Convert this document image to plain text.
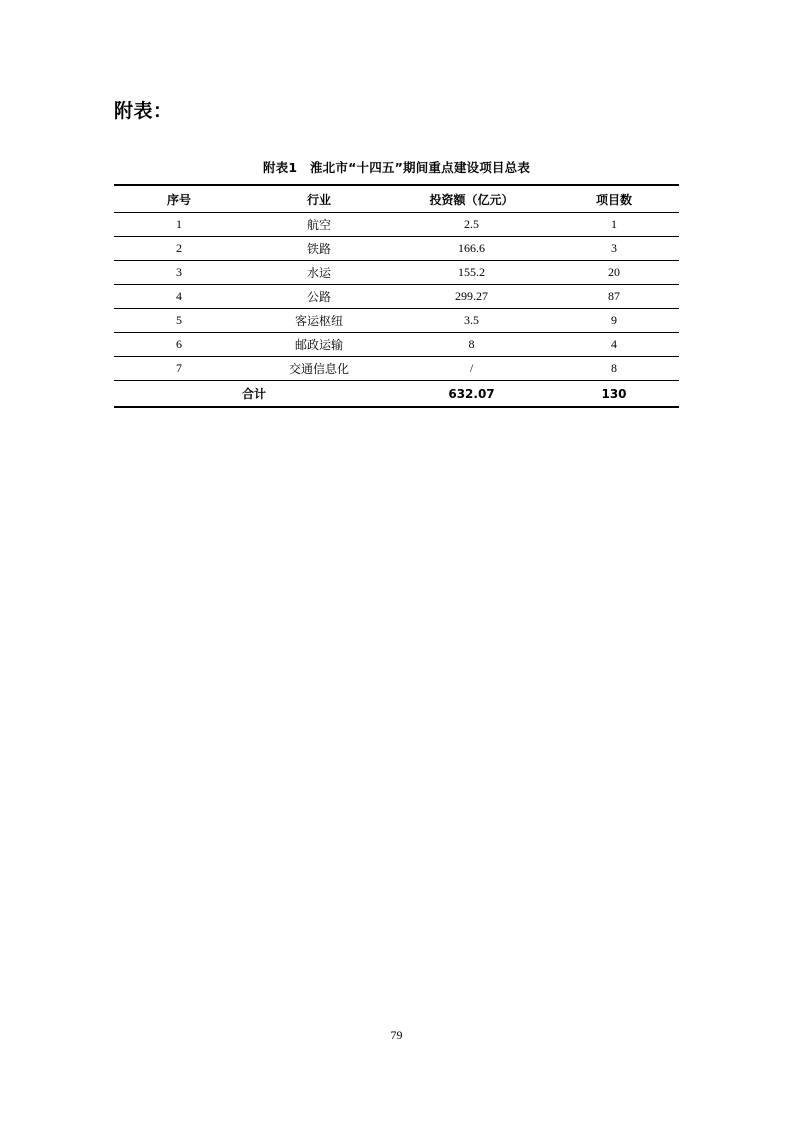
附表：
附表1　淮北市“十四五”期间重点建设项目总表
序号	行业	投资额（亿元）	项目数
1	航空	2.5	1
2	铁路	166.6	3
3	水运	155.2	20
4	公路	299.27	87
5	客运枢纽	3.5	9
6	邮政运输	8	4
7	交通信息化	/	8
合计		632.07	130
79
